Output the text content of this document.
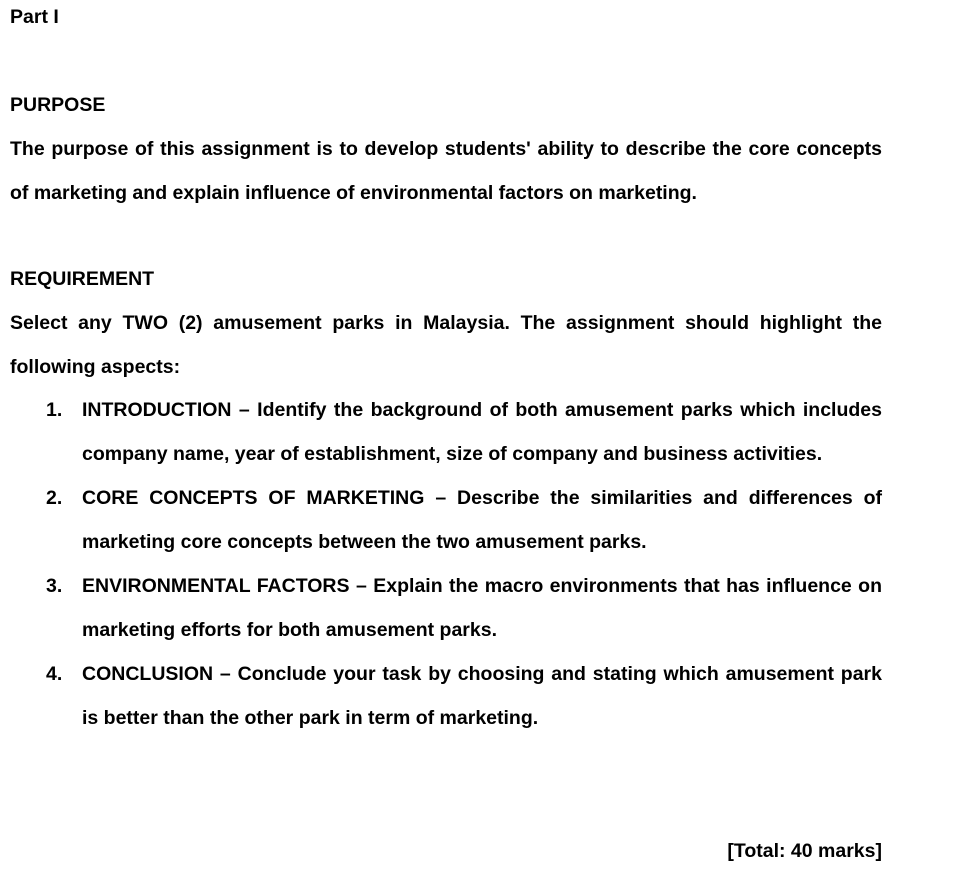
Part I
PURPOSE

The purpose of this assignment is to develop students' ability to describe the core concepts of marketing and explain influence of environmental factors on marketing.

REQUIREMENT

Select any TWO (2) amusement parks in Malaysia. The assignment should highlight the following aspects:

1. INTRODUCTION – Identify the background of both amusement parks which includes company name, year of establishment, size of company and business activities.
2. CORE CONCEPTS OF MARKETING – Describe the similarities and differences of marketing core concepts between the two amusement parks.
3. ENVIRONMENTAL FACTORS – Explain the macro environments that has influence on marketing efforts for both amusement parks.
4. CONCLUSION – Conclude your task by choosing and stating which amusement park is better than the other park in term of marketing.
[Total: 40 marks]
